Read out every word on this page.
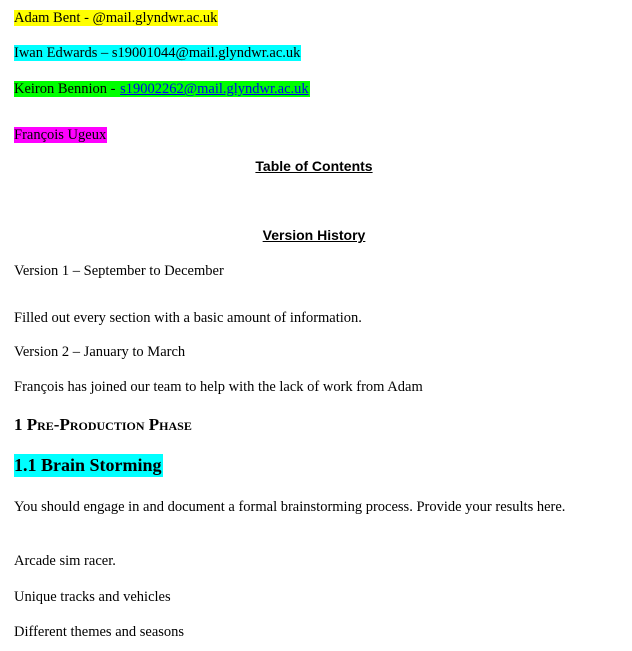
Adam Bent - @mail.glyndwr.ac.uk

Iwan Edwards – s19001044@mail.glyndwr.ac.uk

Keiron Bennion - s19002262@mail.glyndwr.ac.uk

François Ugeux

Table of Contents

Version History

Version 1 – September to December

Filled out every section with a basic amount of information.

Version 2 – January to March

François has joined our team to help with the lack of work from Adam

1 Pre-Production Phase

1.1 Brain Storming

You should engage in and document a formal brainstorming process. Provide your results here.

Arcade sim racer.

Unique tracks and vehicles

Different themes and seasons
